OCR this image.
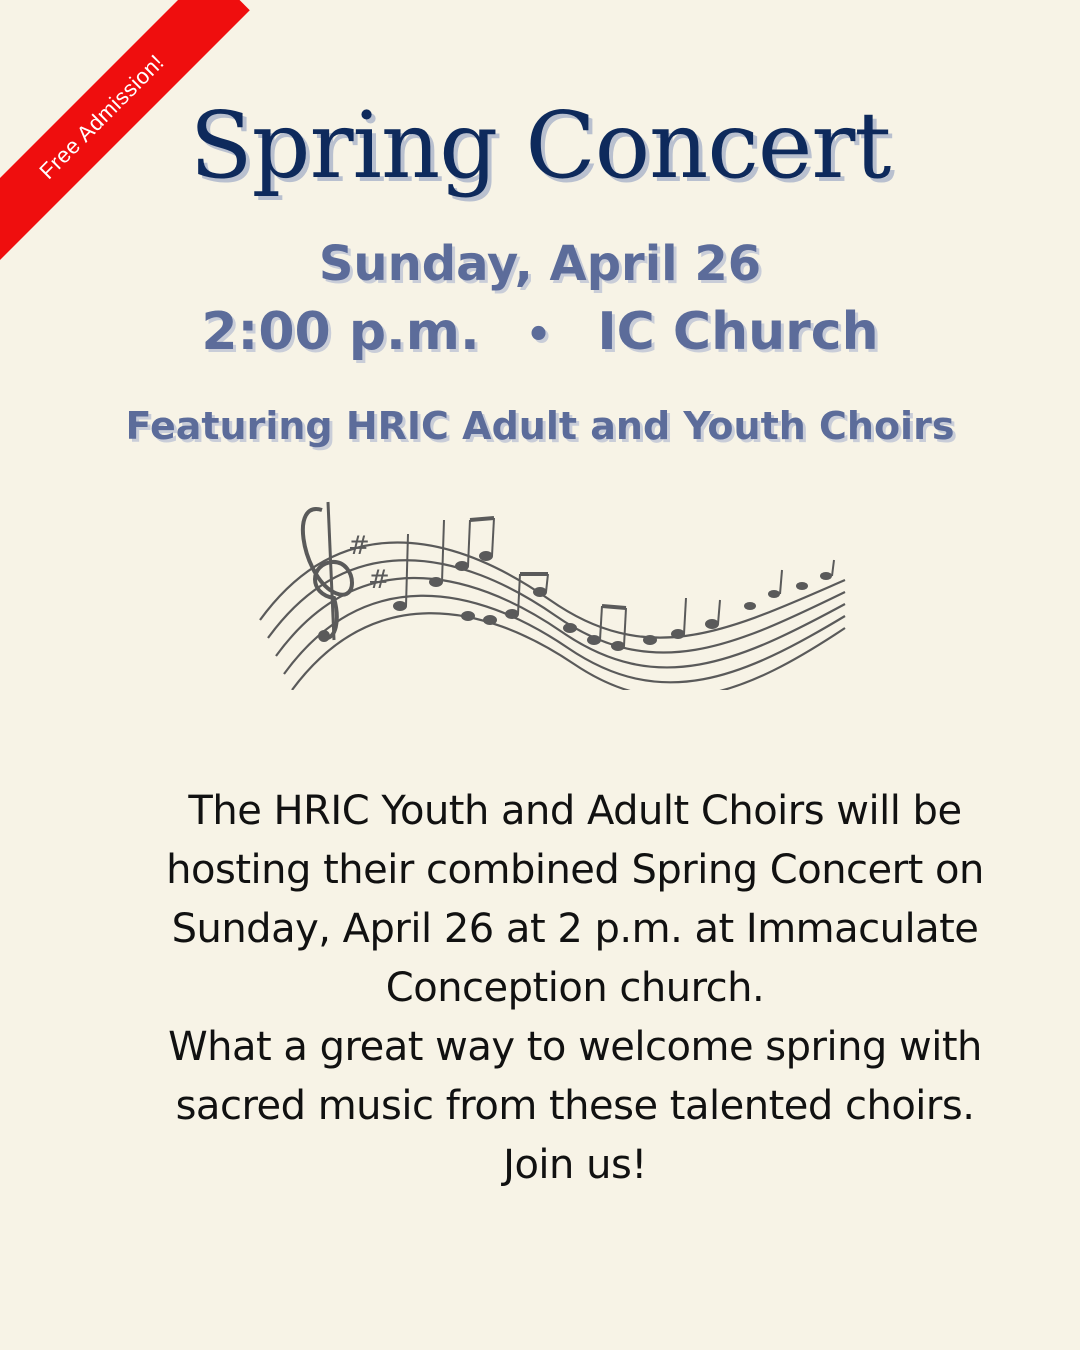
Free Admission! Spring Concert

Sunday, April 26

2:00 p.m. • IC Church

Featuring HRIC Adult and Youth Choirs

#
#

The HRIC Youth and Adult Choirs will be
hosting their combined Spring Concert on
Sunday, April 26 at 2 p.m. at Immaculate
Conception church.
What a great way to welcome spring with
sacred music from these talented choirs.
Join us!
